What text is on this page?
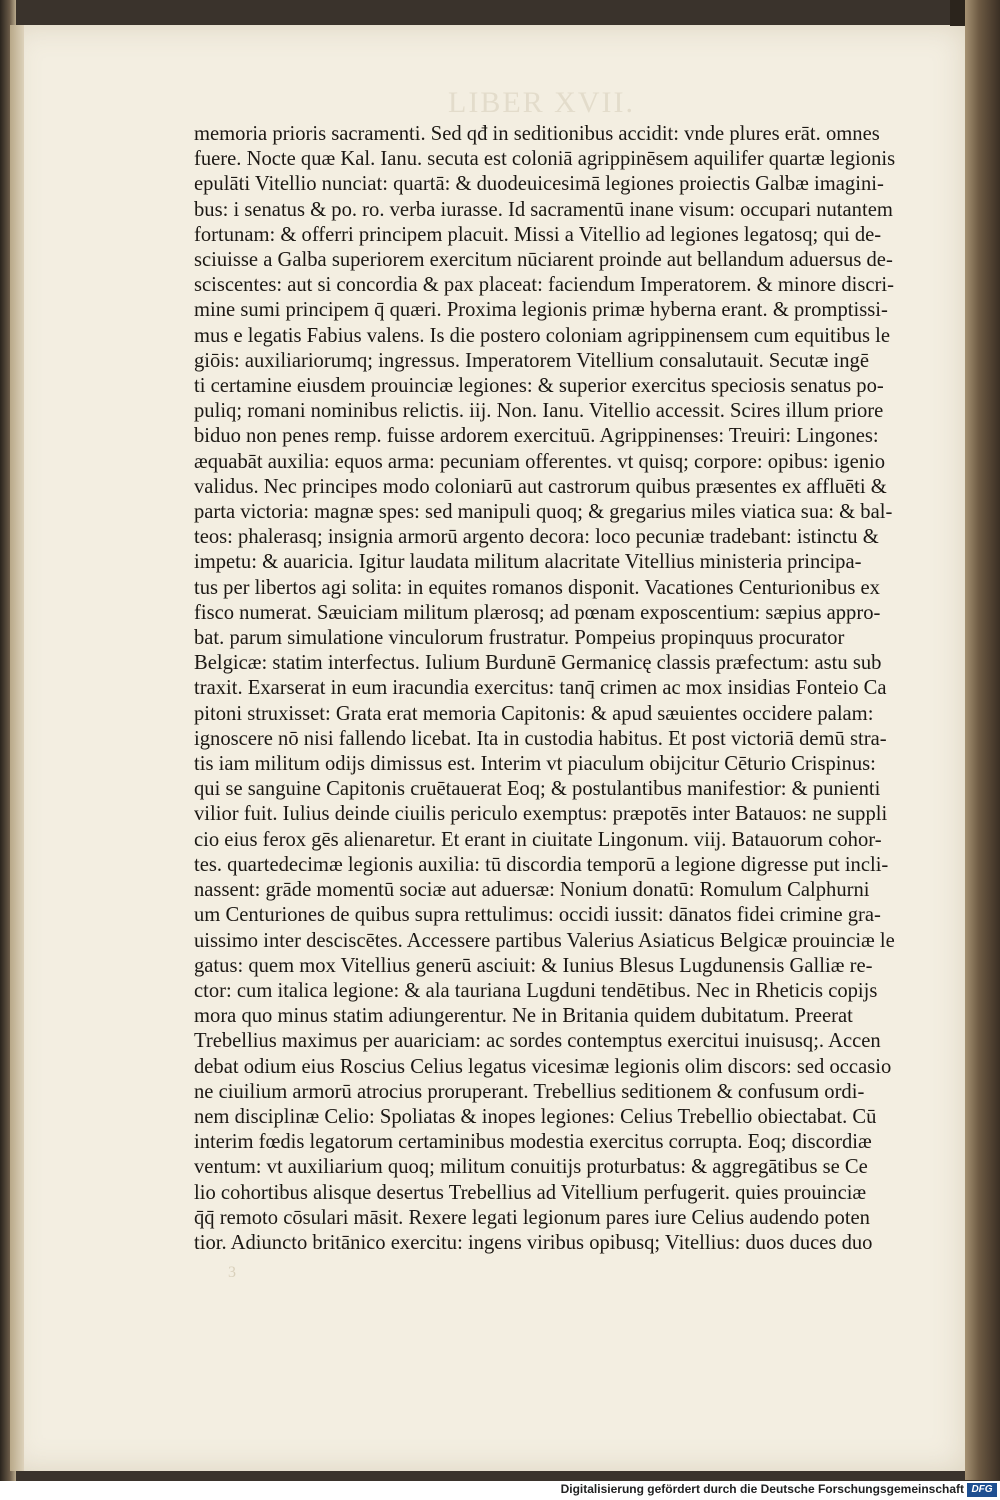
LIBER XVII.
memoria prioris sacramenti. Sed qđ in seditionibus accidit: vnde plures erāt. omnes
fuere. Nocte quæ Kal. Ianu. secuta est coloniā agrippinēsem aquilifer quartæ legionis
epulāti Vitellio nunciat: quartā: & duodeuicesimā legiones proiectis Galbæ imagini-
bus: i senatus & po. ro. verba iurasse. Id sacramentū inane visum: occupari nutantem
fortunam: & offerri principem placuit. Missi a Vitellio ad legiones legatosq; qui de-
sciuisse a Galba superiorem exercitum nūciarent proinde aut bellandum aduersus de-
sciscentes: aut si concordia & pax placeat: faciendum Imperatorem. & minore discri-
mine sumi principem q̄ quæri. Proxima legionis primæ hyberna erant. & promptissi-
mus e legatis Fabius valens. Is die postero coloniam agrippinensem cum equitibus le
giōis: auxiliariorumq; ingressus. Imperatorem Vitellium consalutauit. Secutæ ingē
ti certamine eiusdem prouinciæ legiones: & superior exercitus speciosis senatus po-
puliq; romani nominibus relictis. iij. Non. Ianu. Vitellio accessit. Scires illum priore
biduo non penes remp. fuisse ardorem exercituū. Agrippinenses: Treuiri: Lingones:
æquabāt auxilia: equos arma: pecuniam offerentes. vt quisq; corpore: opibus: igenio
validus. Nec principes modo coloniarū aut castrorum quibus præsentes ex affluēti &
parta victoria: magnæ spes: sed manipuli quoq; & gregarius miles viatica sua: & bal-
teos: phalerasq; insignia armorū argento decora: loco pecuniæ tradebant: istinctu &
impetu: & auaricia. Igitur laudata militum alacritate Vitellius ministeria principa-
tus per libertos agi solita: in equites romanos disponit. Vacationes Centurionibus ex
fisco numerat. Sæuiciam militum plærosq; ad pœnam exposcentium: sæpius appro-
bat. parum simulatione vinculorum frustratur. Pompeius propinquus procurator
Belgicæ: statim interfectus. Iulium Burdunē Germanicę classis præfectum: astu sub
traxit. Exarserat in eum iracundia exercitus: tanq̄ crimen ac mox insidias Fonteio Ca
pitoni struxisset: Grata erat memoria Capitonis: & apud sæuientes occidere palam:
ignoscere nō nisi fallendo licebat. Ita in custodia habitus. Et post victoriā demū stra-
tis iam militum odijs dimissus est. Interim vt piaculum obijcitur Cēturio Crispinus:
qui se sanguine Capitonis cruētauerat Eoq; & postulantibus manifestior: & punienti
vilior fuit. Iulius deinde ciuilis periculo exemptus: præpotēs inter Batauos: ne suppli
cio eius ferox gēs alienaretur. Et erant in ciuitate Lingonum. viij. Batauorum cohor-
tes. quartedecimæ legionis auxilia: tū discordia temporū a legione digresse put incli-
nassent: grāde momentū sociæ aut aduersæ: Nonium donatū: Romulum Calphurni
um Centuriones de quibus supra rettulimus: occidi iussit: dānatos fidei crimine gra-
uissimo inter desciscētes. Accessere partibus Valerius Asiaticus Belgicæ prouinciæ le
gatus: quem mox Vitellius generū asciuit: & Iunius Blesus Lugdunensis Galliæ re-
ctor: cum italica legione: & ala tauriana Lugduni tendētibus. Nec in Rheticis copijs
mora quo minus statim adiungerentur. Ne in Britania quidem dubitatum. Preerat
Trebellius maximus per auariciam: ac sordes contemptus exercitui inuisusq;. Accen
debat odium eius Roscius Celius legatus vicesimæ legionis olim discors: sed occasio
ne ciuilium armorū atrocius proruperant. Trebellius seditionem & confusum ordi-
nem disciplinæ Celio: Spoliatas & inopes legiones: Celius Trebellio obiectabat. Cū
interim fœdis legatorum certaminibus modestia exercitus corrupta. Eoq; discordiæ
ventum: vt auxiliarium quoq; militum conuitijs proturbatus: & aggregātibus se Ce
lio cohortibus alisque desertus Trebellius ad Vitellium perfugerit. quies prouinciæ
q̄q̄ remoto cōsulari māsit. Rexere legati legionum pares iure Celius audendo poten
tior. Adiuncto britānico exercitu: ingens viribus opibusq; Vitellius: duos duces duo
3
Digitalisierung gefördert durch die Deutsche Forschungsgemeinschaft DFG
